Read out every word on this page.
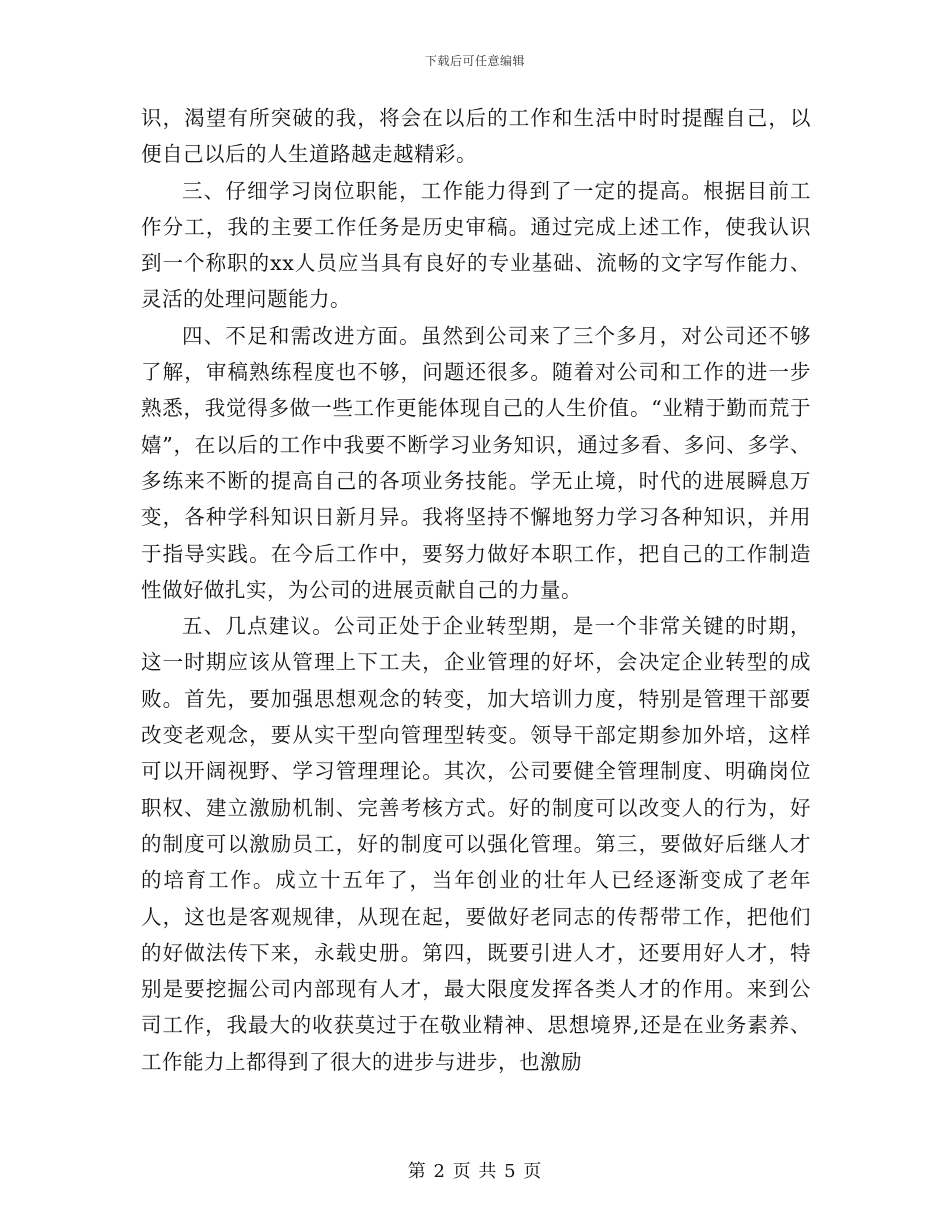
下载后可任意编辑

识，渴望有所突破的我，将会在以后的工作和生活中时时提醒自己，以便自己以后的人生道路越走越精彩。

三、仔细学习岗位职能，工作能力得到了一定的提高。根据目前工作分工，我的主要工作任务是历史审稿。通过完成上述工作，使我认识到一个称职的xx人员应当具有良好的专业基础、流畅的文字写作能力、灵活的处理问题能力。

四、不足和需改进方面。虽然到公司来了三个多月，对公司还不够了解，审稿熟练程度也不够，问题还很多。随着对公司和工作的进一步熟悉，我觉得多做一些工作更能体现自己的人生价值。“业精于勤而荒于嬉”，在以后的工作中我要不断学习业务知识，通过多看、多问、多学、多练来不断的提高自己的各项业务技能。学无止境，时代的进展瞬息万变，各种学科知识日新月异。我将坚持不懈地努力学习各种知识，并用于指导实践。在今后工作中，要努力做好本职工作，把自己的工作制造性做好做扎实，为公司的进展贡献自己的力量。

五、几点建议。公司正处于企业转型期，是一个非常关键的时期，这一时期应该从管理上下工夫，企业管理的好坏，会决定企业转型的成败。首先，要加强思想观念的转变，加大培训力度，特别是管理干部要改变老观念，要从实干型向管理型转变。领导干部定期参加外培，这样可以开阔视野、学习管理理论。其次，公司要健全管理制度、明确岗位职权、建立激励机制、完善考核方式。好的制度可以改变人的行为，好的制度可以激励员工，好的制度可以强化管理。第三，要做好后继人才的培育工作。成立十五年了，当年创业的壮年人已经逐渐变成了老年人，这也是客观规律，从现在起，要做好老同志的传帮带工作，把他们的好做法传下来，永载史册。第四，既要引进人才，还要用好人才，特别是要挖掘公司内部现有人才，最大限度发挥各类人才的作用。来到公司工作，我最大的收获莫过于在敬业精神、思想境界,还是在业务素养、工作能力上都得到了很大的进步与进步，也激励

第 2 页 共 5 页
